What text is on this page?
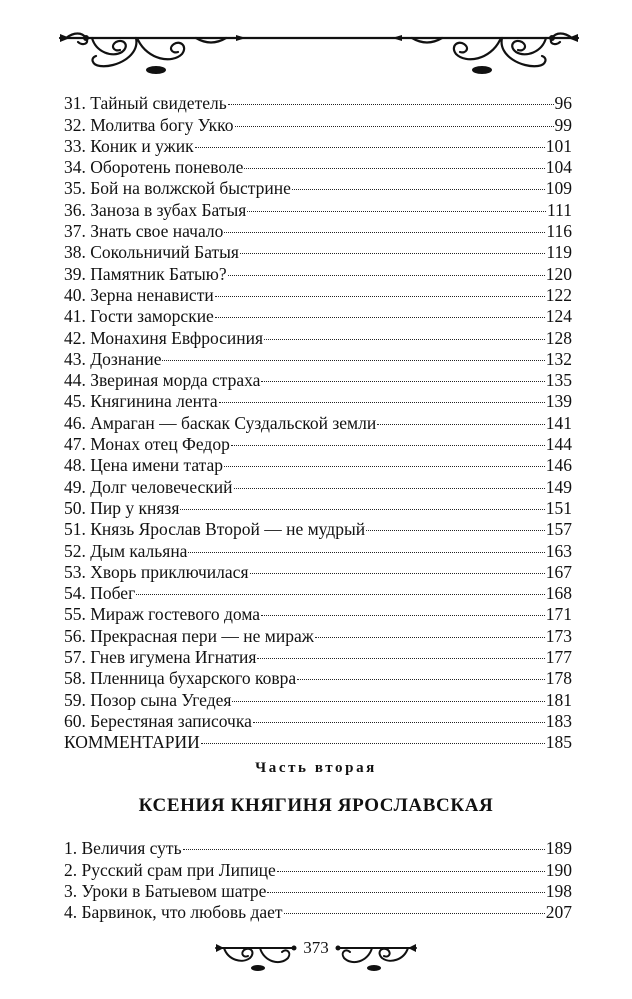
31. Тайный свидетель	96
32. Молитва богу Укко	99
33. Коник и ужик	101
34. Оборотень поневоле	104
35. Бой на волжской быстрине	109
36. Заноза в зубах Батыя	111
37. Знать свое начало	116
38. Сокольничий Батыя	119
39. Памятник Батыю?	120
40. Зерна ненависти	122
41. Гости заморские	124
42. Монахиня Евфросиния	128
43. Дознание	132
44. Звериная морда страха	135
45. Княгинина лента	139
46. Амраган — баскак Суздальской земли	141
47. Монах отец Федор	144
48. Цена имени татар	146
49. Долг человеческий	149
50. Пир у князя	151
51. Князь Ярослав Второй — не мудрый	157
52. Дым кальяна	163
53. Хворь приключилася	167
54. Побег	168
55. Мираж гостевого дома	171
56. Прекрасная пери — не мираж	173
57. Гнев игумена Игнатия	177
58. Пленница бухарского ковра	178
59. Позор сына Угедея	181
60. Берестяная записочка	183
КОММЕНТАРИИ	185
Часть вторая
КСЕНИЯ КНЯГИНЯ ЯРОСЛАВСКАЯ
1. Величия суть	189
2. Русский срам при Липице	190
3. Уроки в Батыевом шатре	198
4. Барвинок, что любовь дает	207
373
